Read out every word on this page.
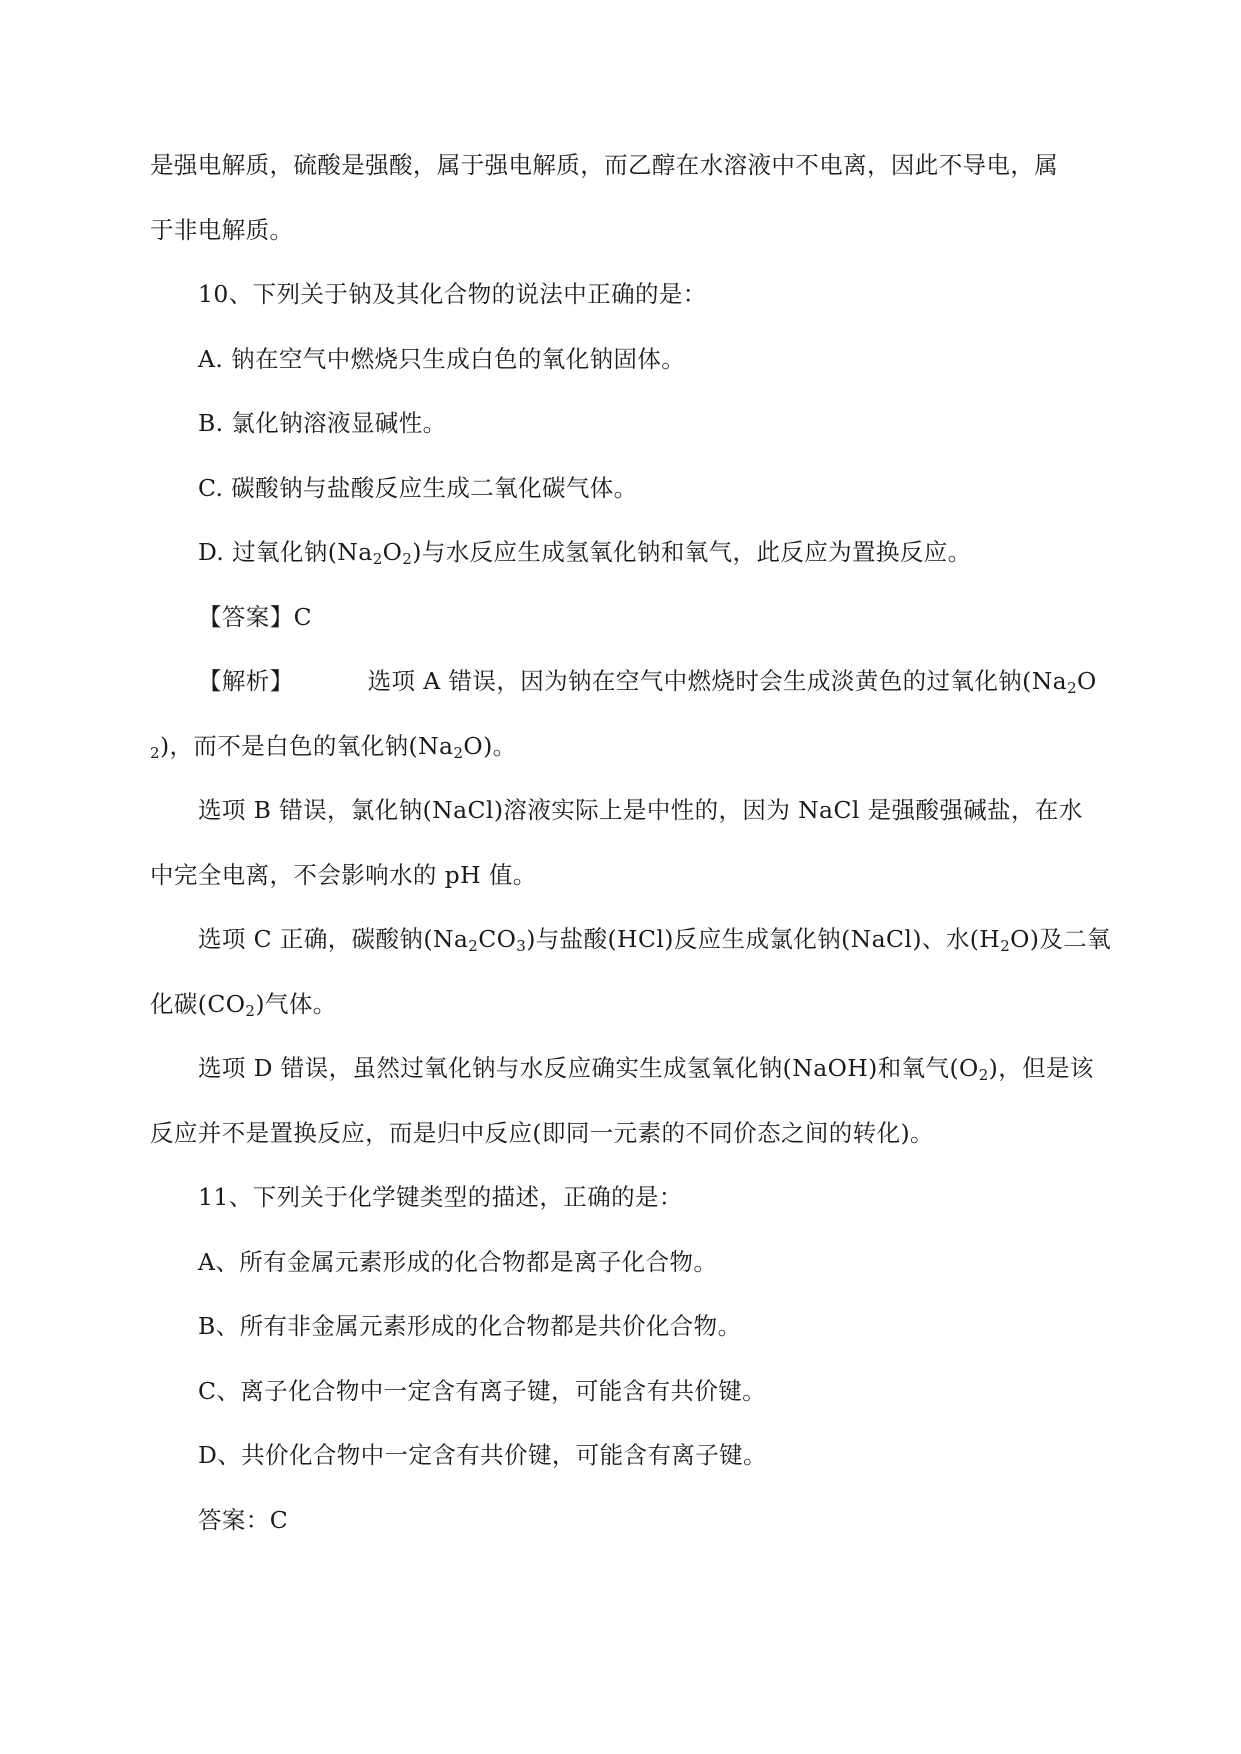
是强电解质，硫酸是强酸，属于强电解质，而乙醇在水溶液中不电离，因此不导电，属
于非电解质。
10、下列关于钠及其化合物的说法中正确的是：
A. 钠在空气中燃烧只生成白色的氧化钠固体。
B. 氯化钠溶液显碱性。
C. 碳酸钠与盐酸反应生成二氧化碳气体。
D. 过氧化钠$(Na_2O_2)$与水反应生成氢氧化钠和氧气，此反应为置换反应。
【答案】C
【解析】	选项 A 错误，因为钠在空气中燃烧时会生成淡黄色的过氧化钠($Na_2O$
$_2$)，而不是白色的氧化钠$(Na_2O)$。
选项 B 错误，氯化钠(NaCl)溶液实际上是中性的，因为 NaCl 是强酸强碱盐，在水
中完全电离，不会影响水的 pH 值。
选项 C 正确，碳酸钠$(Na_2CO_3)$与盐酸(HCl)反应生成氯化钠(NaCl)、水$(H_2O)$及二氧
化碳$(CO_2)$气体。
选项 D 错误，虽然过氧化钠与水反应确实生成氢氧化钠(NaOH)和氧气$(O_2)$，但是该
反应并不是置换反应，而是归中反应(即同一元素的不同价态之间的转化)。
11、下列关于化学键类型的描述，正确的是：
A、所有金属元素形成的化合物都是离子化合物。
B、所有非金属元素形成的化合物都是共价化合物。
C、离子化合物中一定含有离子键，可能含有共价键。
D、共价化合物中一定含有共价键，可能含有离子键。
答案：C
